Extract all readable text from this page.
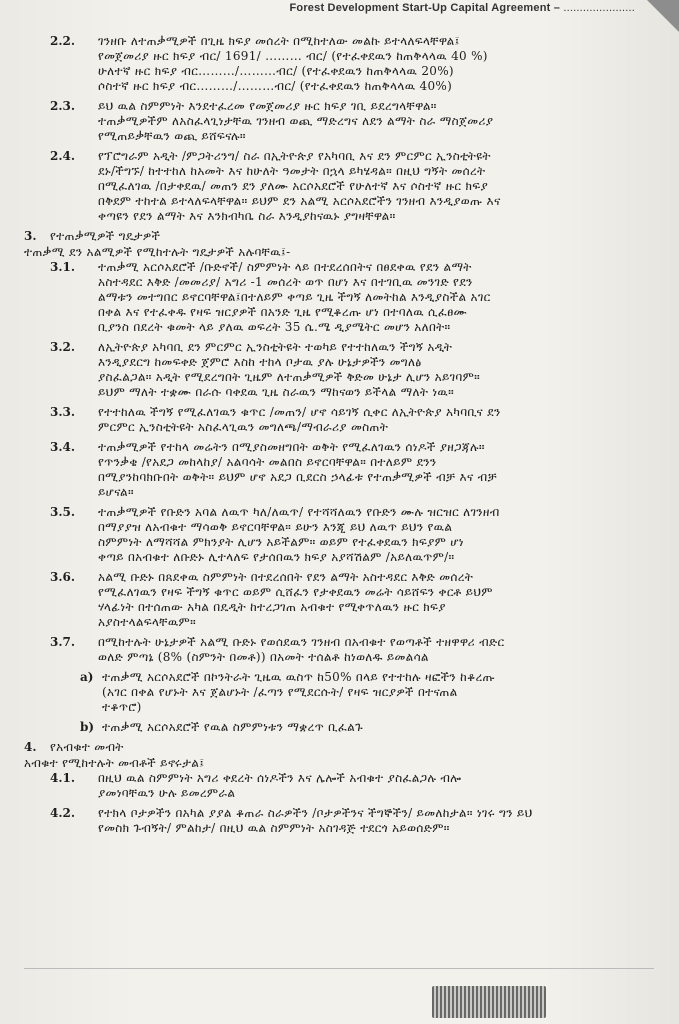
Forest Development Start-Up Capital Agreement – ......................
2.2.	ገንዘቡ ለተጠቃሚዎች በጊዜ ክፍያ መሰረት በሚከተለው መልኩ ይተላለፍላቸዋል፤
የመጀመሪያ ዙር ክፍያ ብር/ 1691/ ……… ብር/ (የተፈቀደዉን ከጠቅላላዉ 40 %)
ሁለተኛ ዙር ክፍያ ብር………/………ብር/ (የተፈቀደዉን ከጠቅላላዉ 20%)
ሶስተኛ ዙር ክፍያ ብር………/………ብር/ (የተፈቀደዉን ከጠቅላላዉ 40%)
2.3.	ይህ ዉል ስምምነት እንደተፈረመ የመጀመሪያ ዙር ክፍያ ገቢ ይደረግላቸዋል።
ተጠቃሚዎችም ለአስፈላጊነታቸዉ ገንዘብ ወጪ ማድረግና ለደን ልማት ስራ ማስጀመሪያ
የሚጠይቃቸዉን ወጪ ይሸፍናሉ።
2.4.	የፕሮግራም አዲት /ምጋትሪንግ/ ስራ በኢትዮጵያ የአካባቢ እና ደን ምርምር ኢንስቲትዩት
ደኑ/ችግኙ/ ከተተከለ ከአመት እና ከሁለት ዓመታት በኋላ ይካሄዳል። በዚህ ግኝት መሰረት
በሚፈለገዉ /በታቀደዉ/ መጠን ደን ያለሙ አርሶአደሮች የሁለተኛ እና ሶስተኛ ዙር ክፍያ
በቅደም ተከተል ይተላለፍላቸዋል። ይህም ደን አልሚ አርሶአደሮችን ገንዘብ እንዲያወጡ እና
ቀጣዩን የደን ልማት እና እንክብካቤ ስራ እንዲያከናዉኑ ያግዛቸዋል።
3.	የተጠቃሚዎች ግዴታዎች
ተጠቃሚ ደን አልሚዎች የሚከተሉት ግዴታዎች አሉባቸዉ፤-
3.1.	ተጠቃሚ አርሶአደሮች /ቡድኖች/ ስምምነት ላይ በተደረሰበትና በፀደቀዉ የደን ልማት
አስተዳደር እቅድ /መመሪያ/ አግሪ -1 መሰረት ወጥ በሆነ እና በተገቢዉ መንገድ የደን
ልማቱን መተግበር ይኖርባቸዋል፤በተለይም ቀጣይ ጊዜ ችግኝ ለመትከል እንዲያስችል አገር
በቀል እና የተፈቀዱ የዛፍ ዝርያዎች በአንድ ጊዜ የሚቆረጡ ሆነ በተባለዉ ሲፈፀሙ
ቢያንስ በደረት ቁመት ላይ ያለዉ ወፍረት 35 ሴ.ሜ ዲያሜትር መሆን አለበት።
3.2.	ለኢትዮጵያ አካባቢ ደን ምርምር ኢንስቲትዩት ተወካይ የተተከለዉን ችግኝ አዲት
እንዲያደርግ ከመፍቀድ ጀምሮ እስከ ተከላ ቦታዉ ያሉ ሁኔታዎችን መግለፅ
ያስፈልጋል። አዲት የሚደረግበት ጊዜም ለተጠቃሚዎች ቅድመ ሁኔታ ሊሆን አይገባም።
ይህም ማለት ተቋሙ በራሱ ባቀደዉ ጊዜ ስራዉን ማከናወን ይችላል ማለት ነዉ።
3.3.	የተተከለዉ ችግኝ የሚፈለገዉን ቁጥር /መጠን/ ሆኖ ሳይገኝ ሲቀር ለኢትዮጵያ አካባቢና ደን
ምርምር ኢንስቲትዩት አስፈላጊዉን መግለጫ/ማብራሪያ መስጠት
3.4.	ተጠቃሚዎች የተከላ መሬትን በሚያስመዘግበት ወቅት የሚፈለገዉን ሰነዶች ያዘጋጃሉ።
የጥንቃቄ /የአደጋ መከላከያ/ አልባሳት መልበስ ይኖርባቸዋል። በተለይም ደንን
በሚያንከባክቡበት ወቅት። ይህም ሆኖ አደጋ ቢደርስ ኃላፊቱ የተጠቃሚዎች ብቻ እና ብቻ
ይሆናል።
3.5.	ተጠቃሚዎች የቡድን አባል ለዉጥ ካለ/ለዉጥ/ የተሻሻለዉን የቡድን ሙሉ ዝርዝር ለገንዘብ
በማያያዝ ለአብቁተ ማሳወቅ ይኖርባቸዋል። ይሁን እንጂ ይህ ለዉጥ ይህን የዉል
ስምምነት ለማሻሻል ምክንያት ሊሆን አይችልም። ወይም የተፈቀደዉን ክፍያም ሆነ
ቀጣይ በአብቁተ ለቡድኑ ሊተላለፍ የታሰበዉን ክፍያ አያሻሽልም /አይለዉጥም/።
3.6.	አልሚ ቡድኑ በጸደቀዉ ስምምነት በተደረሰበት የደን ልማት አስተዳደር እቅድ መሰረት
የሚፈለገዉን የዛፍ ችግኝ ቁጥር ወይም ሲሸፈን የታቀደዉን መሬት ሳይሸፍን ቀርቶ ይህም
ሃላፊነት በተሰጠው አካል በዴዲት ከተረጋገጠ አብቁተ የሚቀጥለዉን ዙር ክፍያ
አያስተላልፍላቸዉም።
3.7.	በሚከተሉት ሁኔታዎች አልሚ ቡድኑ የወሰደዉን ገንዘብ በአብቁተ የወጣቶች ተዘዋዋሪ ብድር
ወለድ ምጣኔ (8% (ስምንት በመቶ)) በአመት ተሰልቶ ከነወለዱ ይመልሳል
a) ተጠቃሚ አርሶአደሮች በኮንትራት ጊዜዉ ዉስጥ ከ50% በላይ የተተከሉ ዛፎችን ከቆረጡ
(አገር በቀል የሆኑት እና ጀልሆኑት /ፈጣን የሚደርሱት/ የዛፍ ዝርያዎች በተናጠል
ተቆጥሮ)
b) ተጠቃሚ አርሶአደሮች የዉል ስምምነቱን ማቋረጥ ቢፈልጉ
4.	የአብቁተ መብት
አብቁተ የሚከተሉት መብቶች ይኖሩታል፤
4.1.	በዚህ ዉል ስምምነት አግሪ ቀደረት ሰነዶችን እና ሌሎች አብቁተ ያስፈልጋሉ ብሎ
ያመነባቸዉን ሁሉ ይመረምራል
4.2.	የተክላ ቦታዎችን በአካል ያያል ቆጠራ ስራዎችን /ቦታዎችንና ችግኞችን/ ይመለከታል። ነገሩ ግን ይህ
የመስክ ጉብኝት/ ምልከታ/ በዚህ ዉል ስምምነት አስገዳጅ ተደርጎ አይወሰድም።
